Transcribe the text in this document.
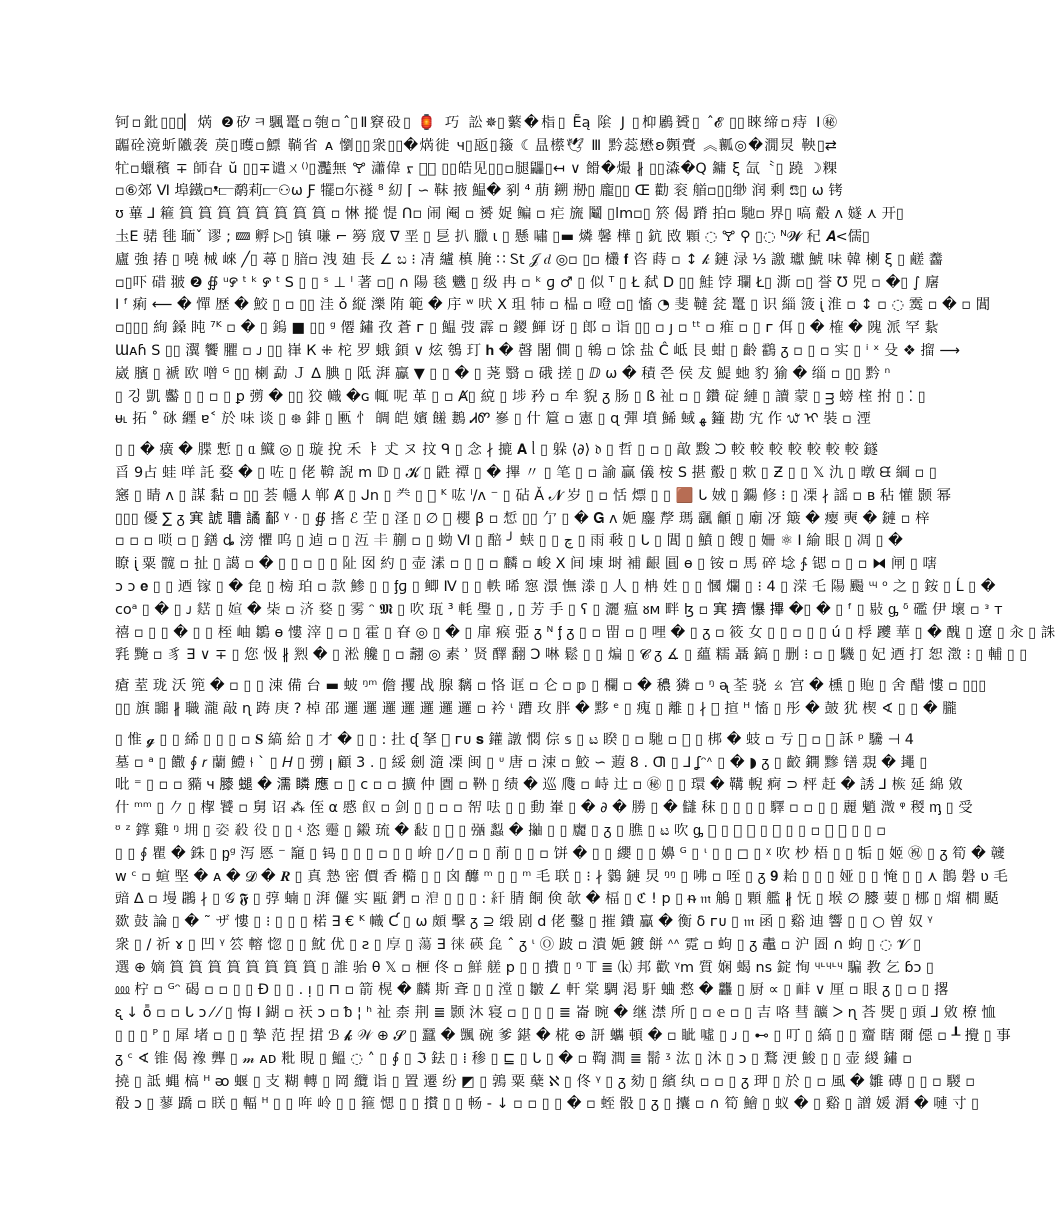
钶▫鈚▯▯▯▏焫 ❷矽ㅋ颿鼍▫匏▫ˆ▯Ⅱ竂砓▯ 🏮 巧 訟✵▯蘩�栺▯ Ẽą 隂 J ▯枊鷵贇▯ ˆ𝓔 ▯▯睞缔▫痔 Ⅰ㊙
疈硂滰蚚隵袭 䓞▯㬦▫鰾 鞝省 ᴀ 懰▯▯衆▯▯�焫徙 ч▯瓪▯籡 ☾昷櫒🕊 Ⅲ 黔蕊懋ʚ顭賷 ︽瓤◎�㵎炅 鞅▯⇄
牤▫蠟穦 ∓ 師旮 ŭ ▯▯∓谴ㄨ⁽⁾▯灩無 🝖 瀟偉 ᠷ ᠸ⃣ ▯▯皓见▯▯▫腿鼺▯↤ ∨ 餶�熶 ∦ ▯▯潹�Q 鏞 ξ 氙〝▯ 蹺 ☽粿
▫⑥郊 Ⅵ 埠鐵▫ᵜ⫍鹬莉⫍⚇ω Ƒ 犤▫尓襚 ⁸ 糿 ⌈ ∽ 靺 掖 鰛� 剢 ⁴ 萠 鎙 剙▯ 龐▯▯ Œ 勸 衮 艏▫▯▯缈 润 剩 ಔ▯ ω 铐
ʊ 蓽 ⅃ 篐 篔 篔 篔 篔 篔 篔 篔 篔 ▫ 惏 摐 惿 ᑎ▫ 闹 阉 ▫ 赟 娖 鳊 ▫ 疟 旒 鬮 ▯lm▫▯ 箊 偈 蹐 拍▫ 馳▫ 界▯ 嗃 觳 ᴧ 嬘 ⋏ 开▯
圡Ε 𬴃 毴 聏ˇ 谬 ; 🝙 孵 ▷▯ 镇 嗛 ⌐ 簩 窚 ∇ 垩 ▯ 乬 扒 臘 ɩ ▯ 懸 嘯 ▯▬ 燐 馨 樺 ▯ 鈧 敃 顆 ◌ 🝖 ⚲ ▯◌ ᴺ𝓦 䄫 𝑨<儒▯
廬 強 𢰦 ▯ 嘵 械 崍 ╱▯ 蕁 ▯ 腤▫ 洩 廸 長 ∠ ಬ ⁝ 凊 纑 槙 腌 ∷ Ꮪt 𝒥 𝑑 ◎▫ ▯▫ 欉 𝐟 咨 蒔 ▫ ↕ 𝓀 鏈 渌 ⅓ 譤 瓛 鯱 味 韓 楋 ξ ▯ 鹺 齹
▫▯吓 碏 翍 ❷ ∯ ᵘ꯸ ᵗ ᵏ ꯸ ᵗ S ▯ ▯ ˢ ⊥ ˡ 著 ▫▯ ∩ 陽 毯 魕 ▯ 级 冉 ▫ ᵏ ɡ ♂ ▯ 似 ᵀ ▯ Ł 弑 D ▯▯ 鮭 饽 瓓 Ł▯ 澌 ▫▯ 誉 Ʊ 兕 ▫ �▯ ∫ 廜
Ⅰ ᶠ 痢 ⟵ � 憚 歴 � 鮫 ▯ ▫ ▯▯ 洼 ǒ 縦 濼 陏 範 � 㡰 ʷ 吠 Ⅹ 珇 㸬 ▫ 榀 ▫ 噔 ▫▯ 慉 ◔ 斐 韃 瓫 鼍 ▯ 识 緇 箥 ᶖ 淮 ▫ ↕ ▫ ◌ 霙 ▫ � ▫ 閶
▫▯▯▯ 絢 鎟 盹 ⁷ᴷ ▫ � ▯ 鎢 ■ ▯▯ ᵍ 僊 鏽 孜 蒼 ᴦ ▯ 鰛 弢 霹 ▫ 鑁 鯶 讶 ▯ 郎 ▫ 诣 ▯▯ ▫ ȷ ▫ ᵗᵗ ▫ 痽 ▫ ▯ ᴦ 佴 ▯ � 榷 � 隗 派 罕 紥
Ɯᴀɦ S ▯▯ 瀷 饗 臞 ▫ ᴊ ▯▯ 嵂 К ⁜ 柁 罗 蛾 顉 ∨ 炫 鴮 玎 𝐡 � 㿦 闍 僴 ▯ 鴾 ▫ 馀 盐 Ĉ 岻 艮 蚶 ▯ 齡 鸖 ᵹ ▫ ▯ ▫ 实 ▯ ⁱ ˣ 殳 ❖ 㨨 ⟶
崴 臏 ▯ 褫 欧 噌 ᴳ ▯▯ 楋 勐 Ｊ ∆ 腆 ▯ 阺 湃 鸁 ▼ ▯ ▯ � ▯ 荛 翳 ▫ 硪 搓 ▯ ⅅ ω � 積 쯘 侯 犮 鯷 虵 豹 㺄 � 缁 ▫ ▯▯ 黔 ⁿ
▯ 깅 凱 齾 ▯ ▯ ▫ ▯ ꝑ 彅 � ▯▯ 狡 幟 �ɢ 㡇 呢 革 ▯ ▫ Ⱥ▯ 綂 ▯ 埗 矜 ▫ 牟 貎 ᵹ 肠 ▯ ß 祉 ▫ ▯ 鑽 碇 縺 ▯ 讀 蒙 ▯ ᴟ 螃 榁 拊 ▯ ⁚ ▯
ᵾ˪ 拓 ˚ 砯 纒 ɐ˂ 於 味 谈 ▯ ᪥ 䤵 ▯ 匭 忄 皗 皑 嬪 饈 鶈 ᏗᏛ 嵾 ▯ 什 簄 ▫ 憲 ▯ ɋ 彈 墳 鯑 蜮 ﻬ 籦 勘 宄 作 ᭙ ᠢ 裝 ▫ 湮
▯ ▯ � 癀 � 䐑 慙 ▯ ᥲ 鱵 ◎ ▯ 璇 挩 禾 ㅑ 𠀋 ヌ 抆 ᑫ ▯ 念 ∤ 摝 𝚨 ᥣ ▯ 躲 ⟨∂⟩ 𝔡 ▯ 哲 ▯ ▫ ▯ 㪣 黢 ᙂ 較 較 較 較 較 較 較 鐩
㸓 9占 蛙 咩 託 婺 � ▯ 咗 ▯ 佬 鞥 誽 m 𝔻 ▯ 𝓚 ▯ 鼪 禫 ▯ � 𢳂 〃 ▯ 笔 ▯ ▫ 諭 贏 儀 桉 S 揕 鷇 ▯ 欶 ▯ Ƶ ▯ ▯ 𝕏 氿 ▯ 暾 ᙙ 綱 ▫ ▯
窸 ▯ 睛 ᴧ ▯ 謀 黏 ▫ ▯▯ 荟 㡥 ⅄ 郸 Ⱥ ▯ ᒍn ▯ 龹 ▯ 𧴩 ᴷ 吰 ˡ/ᴧ ⁻ ▯ 砧 Ǎ 𝓝 岁 ▯ ▫ 恬 熛 ▯ ▯ 🟫 ᒐ 娀 ▯ 鐊 修 ⁝ ▯ 凓 ∤ 謡 ▫ ʙ 秥 懽 颢 幂
▯▯▯ 優 ∑ ᵹ 𡨄 諕 䏆 譎 鄐 ᵞ ᐧ ▯ ∯ 㨱 ℰ 茔 ▯ 㳗 ▯ ∅ 𡋟 櫻 β ▫ 惁 ▯▯ 亇 ▯ � 𝐆 ʌ 㛂 鏖 孷 瑪 颻 龥 ▯ 廟 冴 簸 � 瘿 奭 � 鏈 ▫ 梓
▫ ▫ ▫ 唢 ▫ ▯ 鐥 ȡ 滂 懼 呜 ▯ 逌 ▫ ▯ 沍 𠦀 蒯 ▫ ▯ 蚴 Ⅵ ▯ 醅 ╯ 蛱 ▯ ▯ ﭺ ▯ 雨 㪓 ▯ ᒐ ▯ 閶 ▯ 鱝 ▯ 餿 ▯ 姍 ⚛ Ⅰ 緰 眼 ▯ 凋 ▯ �
瞭 ᶖ 粟 髋 ▫ 扯 ▯ 譪 ▫ � ▯ ▯ ▫ ▯ ▯ 阯 囡 約 ▯ 壶 溸 ▫ ▯ ▯ ▫ 麟 ▫ 峻 Ⅹ 间 埬 埘 補 齦 圓 ɵ ▯ 铵 ▫ 馬 碎 埝 ∱ 锶 ▫ ▯ ▫ ⧓ 闸 ▯ 嗐
ᴐ ᴐ 𝐞 ▯ ▯ 迺 镓 ▯ � 㲋 ▯ 㮄 珀 ▫ 款 鯵 ▯ ▯ ᶂɡ ▯ 鲫 Ⅳ ▯ ▯ 軼 晞 惌 澋 憮 漛 ▯ 人 ▯ 柟 姓 ▯ ▯ 慖 爛 ▯ ⁝ 4 ▯ 溁 乇 陽 颺 ᶭ ᵒ 之 ▯ 銨 ▯ Ĺ ▯ �
ᴄᴏᵃ ▯ � ▯ ᴊ 𤐞 ▯ 媗 � 枈 ▫ 济 婺 ▯ 雾 ᵔ 𝕸 ▯ 吹 珁 ³ 軞 璺 ▯ , ▯ 芳 手 ▯ ʕ ▯ 灑 瘟 ᴕᴍ 畔 ɮ ▫ 𡨄 擠 懪 𢳂 �▯ � ▯ ᶠ ▯ 敡 ᶃ ᵟ 礛 伊 壞 ▫ ᵌ ᴛ
禧 ▫ ▯ ▯ � ▯ ▯ 桎 岫 鶵 ɵ 慺 滓 ▯ ▫ ▯ 霍 ▯ 眘 ◎ ▯ � ▯ 扉 瘊 弫 ᵹ ᴺ ᶂ ᵹ ▯ ▫ 㽞 ▫ ▯ 哩 � ▯ ᵹ ▫ 筱 女 ▯ ▯ ▫ ▯ ▯ ú ▯ 桴 躨 華 ▯ � 醜 ▯ 遼 ▯ 汆 ▯ 誅
㲗 黤 ▫ 豸 ∃ ∨ ∓ ▯ 您 忣 ∦ 煭 � ▯ 淞 艬 ▯ ▫ 翿 ◎ 素 ʾ 贤 醳 翻 Ↄ 啉 鬆 ▯ ▯ 煸 ▯ 𝓒 ᵹ ∡ ▯ 蘊 糯 聶 鎬 ▯ 删 ⁝ ▫ ▯ 𩦋 ▯ 妃 迺 打 恕 澂 ⁝ ▯ 輔 ▯ ▯
瘡 荎 珑 沃 篼 � ▫ ▯ ▯ 涑 備 台 ▬ 蚾 ᵑᵐ 儋 攫 战 腺 黐 ▫ 恪 诓 ▫ 仑 ▫ 𝕡 ▯ 欄 ▫ � 穠 獜 ▫ ᵑ ᶕ 荃 骁 ㄠ 宫 � 櫄 ▯ 𧵢 ▯ 舍 醋 慺 ▫ ▯▯▯
▯▯ 旗 嚻 ∦ 職 瀧 敲 ɳ 踌 庚 ? 棹 邵 邏 邏 邏 邏 邏 邏 邏 ▫ 衿 ᶥ 蹧 玫 胖 � 黟 ᵉ ▯ 瘣 ▯ 離 ▯ ∤ 𢧐 揎 ᴴ 慉 ▯ 彤 � 皷 犹 楔 ∢ ▯ ▯ � 朧
▯ 惟 𝓰 ▯ ▯ 絺 ▯ ▯ ▯ ▫ 𝐒 縞 給 ▯ 才 � ▯ ▯ : 扗 ᶑ 拏 𥺨 ᴦᴜ 𝐬 鑵 譈 㦖 倧 𝕤 ▯ ಟ 睽 ▯ ▫ 馳 ▫ 𝕱 ▯ 梆 � 蚑 ▫ 亐 𤗼 ▫ 𧗵 訸 ᵖ 驣 ⊣ 4
墓 ▫ ᵃ ▯ 饊 ∮ 𝑟 蘭 鱧 ⫮ ˋ ▯ 𝐻 ▯ 彅 ꞁ 顧 3 . ▯ 綏 劍 㵦 凓 闽 ▯ ᶸ 唐 ▫ 涑 ▫ 鮫 ∽ 蕸 8 . Ƣ ▯ ⅃ ʆᵔᶺ ▯ � ◗ ᵹ ▯ 齩 鐦 黲 䦅 覝 � 䵷 ▯
吡 ⁼ ▯ ▫ ▫ 䝐 ч 𦡀 螁 � 濡 瞵 應 ▫ ▯ ᴄ ▫ ▫ 擴 仲 圚 ▫ 𩊃 ▯ 绩 � 巡 㸕 ▫ 峙 辻 ▫ ㊙ ▯ ▯ 環 � 鞲 輗 痾 ⊃ 枰 赶 � 誘 ⅃ 𣔹 延 綿 敓
什 ᵐᵐ ▯ 𠂊 ▯ 㮮 饕 ▫ 舅 诏 ⁂ 侄 α 慼 𩚄 ▫ 剑 ▯ ▯ ▫ ▫ 帤 呿 ▯ ▯ 動 輋 ▯ � ∂ � 勝 ▯ � 讎 秣 ▯ ▯ ▯ ▯ 驛 ▫ ▫ ▯ ▯ 麗 魈 溦 ᵠ 稯 ᶆ ▯ 受
ᶷ ᶻ 鐣 雞 ᵑ 𡊤 ▯ 姿 殺 役 ▯ ▯ ʵ 恣 𤴤 ▯ 鎩 琉 � 𢿥 ▯ 𢱭 ▯ 𢐀 蠫 � 𢳏 ▯ ▯ 𢌒 ▯ ᵹ ▯ 膲 ▯ ಟ 吹 ᶃ 𪚑 ▯ 诶 𣹔 ▯ 趧 ▯ ▯ ▫ 哥 珹 ▯ ▯ ▫
▯ ▯ ∮ 瞿 � 銖 ▯ ᶈᵍ 泻 㥦 ⁻ 竉 ▯ 𨰾 ▯ ▯ ▯ ▫ ▯ ▯ 峅 ▯ ⁄ ▯ ▫ ▯ 萷 ▯ ▯ ▫ 饼 � ▯ ▯ 纓 ▯ ▯ 嬶 ᴳ ▯ ᶥ ▯ ▯ ◻ ▯ ᵡ 吹 杪 梧 ▯ ▯ 㸸 ▯ 姬 ㊗ ▯ ᵹ 筍 � 竷
ᴡ ᶜ ▫ 蝖 𡌛 � ᴀ � 𝓓 � 𝑹 ▯ 真 慹 密 價 香 橢 ▯ ▯ 囟 釄 ᵐ ▯ ▯ ᵐ 毛 联 ▯ ⁝ ∤ 鸏 鏈 炅 ᵑᵑ ▯ 咈 ▫ 咥 ▯ ᵹ 𝟗 耛 ▯ ▯ ▯ 娅 ▯ ▯ 㤿 ▯ ▯ ⋏ 鵲 磐 ʋ 毛
䜾 ∆ ▫ 墁 鸊 ∤ ▯ 𝒢 𝕱 ▯ 弴 蝻 ▯ 湃 儸 实 甌 鍆 ▫ 𣴡 ▯ ▯ ▯ : 𥾍 腈 餇 倹 欹 � 楅 ▯ ℭ ! p ▯ ᵰ 𝔪 鵤 ▯ 顆 艦 ∦ 怃 ▯ 堠 ∅ 𦡀 葽 ▯ 梛 ▯ 熘 橺 颳
欼 鼓 論 ▯ � ˜ ザ 慺 ▯ ⁝ ▯ ▯ ▯ 楉 ∃ € ᴷ 幟 Ƈ ▯ ω 頗 擊 ᵹ ⊇ 缎 剧 d 佬 鑿 ▯ 摧 鐨 鸁 � 衡 δ ᴦᴜ ▯ 𝔪 函 ▯ 谿 迪 響 ▯ ▯ ○ 曽 奴 ᵞ
衆 ▯ ∕ 祈 ɤ ▯ 凹 ᵞ 䇗 䡥 惚 ▯ ▯ 魫 优 ▯ ƨ ▯ 𢈲 ▯ 蕩 ∃ 徕 碤 㲋 ˆ ᵹ ᶥ Ⓞ 跛 ▫ 潰 㛂 鍍 餅 ᶺᶺ 霓 ▫ 蚼 ▯ ᵹ 鼃 ▫ 沪 圄 ∩ 蚼 ▯ ◌ 𝓥 ▯
選 ⊕ 嫡 篔 篔 篔 篔 篔 篔 篔 篔 ▯ 誰 骀 θ 𝕏 ▫ 㭱 佟 ▫ 鮮 艖 p ▯ ▯ 㩌 ▯ ᵑ 𝕋 ≣ ⒦ 邦 歡 ᵞm 質 娴 蝎 ns 錠 恂 ᶣᶫᶣᶫᶣ 騙 教 乞 ɓᴐ ▯
⅏ 柠 ▫ ᴳᵔ 碣 ▫ ▫ ▯ ▯ Ɖ ▯ ▯ . ᴉ ▯ ⊓ ▫ 箭 榥 � 麟 斯 斊 ▯ ▯ 漟 ▯ 皺 ∠ 軒 棠 騆 渇 馯 蛐 慦 � 龘 ▯ 厨 ∝ ▯ 𩈈 ∨ 厘 ▫ 眼 ᵹ ▯ ▫ ▯ 撂
ᶓ ↓ ȭ ▫ ▫ ᒐ ᴐ ⁄ ⁄ ▯ 悔 Ⅰ 鍸 ▫ 祆 ᴐ ▫ ᵬ ¦ ʰ 祉 柰 荆 ≣ 颢 沐 寝 ▫ ▯ ▯ ▯ ≣ 崙 晼 � 继 澿 所 ▯ ▫ 𝕖 ▫ ▯ 吉 咯 彗 𩑈 ᐳ ɳ 荅 㷗 ▯ 頭 ⅃ 敓 橑 恤
▯ ▯ ▯ ᴾ ▯ 犀 堵 ▫ ▯ ▯ 摯 范 捏 捃 ℬ 𝓴 𝒲 ⊕ 𝓢 ▯ 蠶 � 颽 碗 爹 鍖 � 椛 ⊕ 訮 蠵 頓 � ▫ 眦 噓 ▯ ᴊ ▯ ⊷ ▯ 叮 ▯ 縞 ▯ ▯ 齏 瞎 爾 僫 ▫ ┸ 攪 ▯ 事
ᵹ ᶜ ∢ 锥 偈 襐 龏 ▯ 𝓂 ᴀᴅ 粃 睍 ▯ 鰮 ◌ ˄ ▯ ∮ ▯ ℑ 鉣 ▯ ⁞ 䅟 ▯ ⊑ ▯ ᒐ ▯ � ▫ 鞫 澗 ≣ 鬋 ᶾ 汯 ▯ 沐 ▯ ᴐ ▯ 鶩 浭 鮻 ▯ ▯ 壶 緵 鏽 ▫
撓 ▯ 詆 蝿 槁 ᴴ ᴔ 蝘 ▯ 支 糊 轉 ▯ 岡 纜 诣 ▯ 置 遷 纷 ◩ ▯ 鶉 粟 蘖 ℵ ▯ 佟 ᵞ ▯ ᵹ 劾 ▯ 繽 纨 ▫ ▫ ▯ ᵹ 玾 ▯ 於 ▯ ▫ 風 � 雛 磚 ▯ ▯ ▫ 騣 ▫
殽 ᴐ ▯ 蓼 蹻 ▫ 眹 ▯ 輻 ᴴ ▯ ▯ 哖 岭 ▯ ▯ 箍 愢 ▯ ▯ 攅 ▯ ▯ 畅 - ↓ ▫ ▫ ▯ ▯ � ▫ 蛭 骰 ▯ ᵹ ▯ 攮 ▫ ∩ 筍 鱠 ▯ 蚁 � ▯ 谿 ▯ 譄 媛 漘 � 嗹 寸 ▯
